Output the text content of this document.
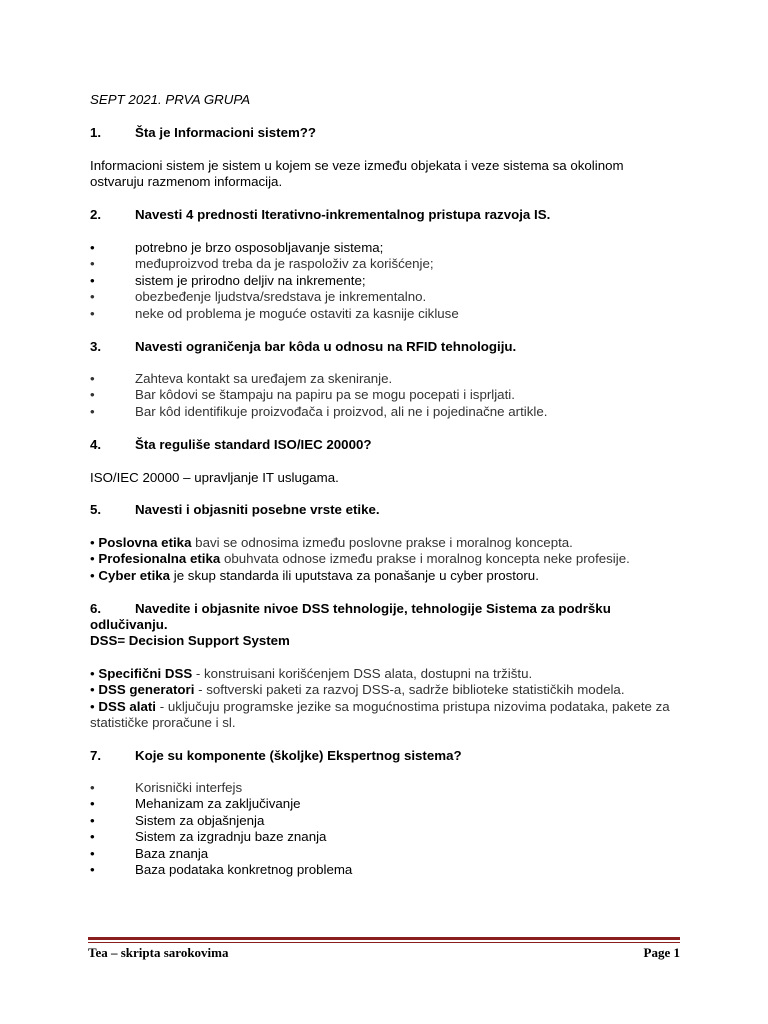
SEPT 2021. PRVA GRUPA
1.	Šta je Informacioni sistem??
Informacioni sistem je sistem u kojem se veze između objekata i veze sistema sa okolinom ostvaruju razmenom informacija.
2.	Navesti 4 prednosti Iterativno-inkrementalnog pristupa razvoja IS.
•	potrebno je brzo osposobljavanje sistema;
•	međuproizvod treba da je raspoloživ za korišćenje;
•	sistem je prirodno deljiv na inkremente;
•	obezbeđenje ljudstva/sredstava je inkrementalno.
•	neke od problema je moguće ostaviti za kasnije cikluse
3.	Navesti ograničenja bar kôda u odnosu na RFID tehnologiju.
•	Zahteva kontakt sa uređajem za skeniranje.
•	Bar kôdovi se štampaju na papiru pa se mogu pocepati i isprljati.
•	Bar kôd identifikuje proizvođača i proizvod, ali ne i pojedinačne artikle.
4.	Šta reguliše standard ISO/IEC 20000?
ISO/IEC 20000 – upravljanje IT uslugama.
5.	Navesti i objasniti posebne vrste etike.
• Poslovna etika bavi se odnosima između poslovne prakse i moralnog koncepta.
• Profesionalna etika obuhvata odnose između prakse i moralnog koncepta neke profesije.
• Cyber etika je skup standarda ili uputstava za ponašanje u cyber prostoru.
6.	Navedite i objasnite nivoe DSS tehnologije, tehnologije Sistema za podršku odlučivanju.
DSS= Decision Support System
• Specifični DSS - konstruisani korišćenjem DSS alata, dostupni na tržištu.
• DSS generatori - softverski paketi za razvoj DSS-a, sadrže biblioteke statističkih modela.
• DSS alati - uključuju programske jezike sa mogućnostima pristupa nizovima podataka, pakete za statističke proračune i sl.
7.	Koje su komponente (školjke) Ekspertnog sistema?
•	Korisnički interfejs
•	Mehanizam za zaključivanje
•	Sistem za objašnjenja
•	Sistem za izgradnju baze znanja
•	Baza znanja
•	Baza podataka konkretnog problema
Tea – skripta sarokovima	Page 1
